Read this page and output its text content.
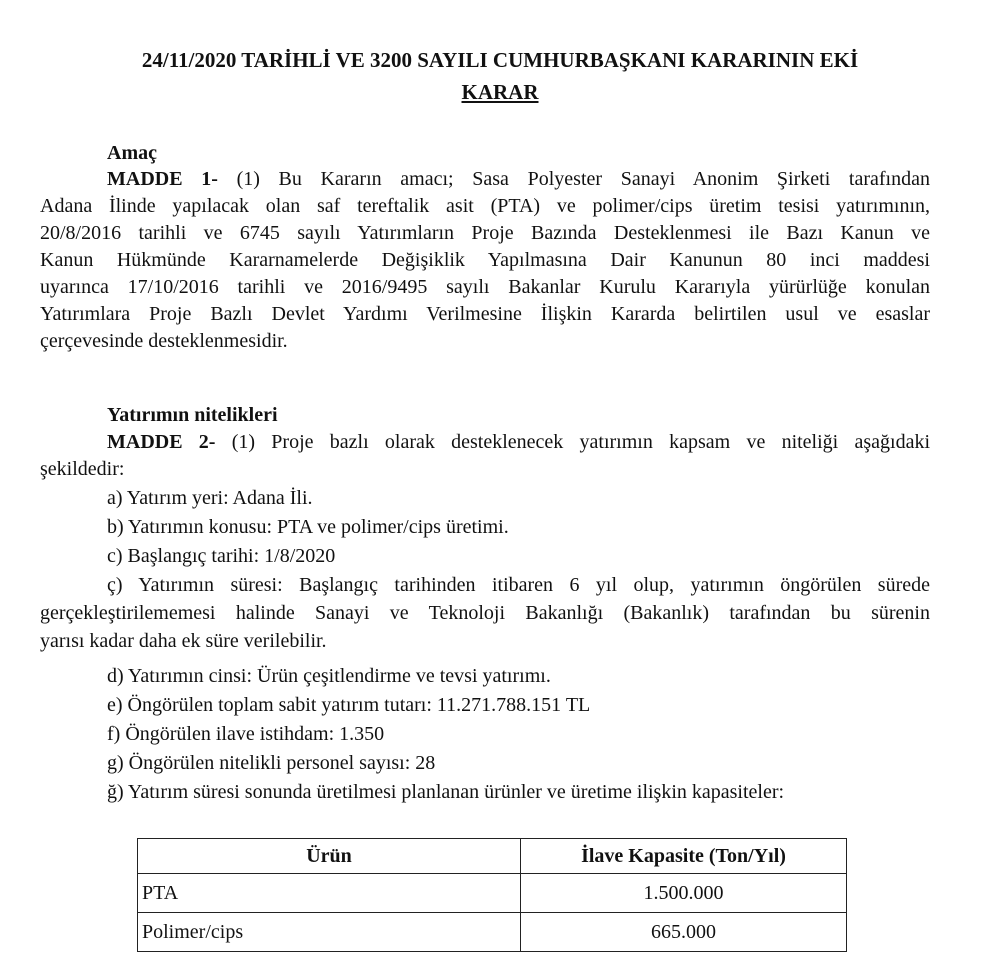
24/11/2020 TARİHLİ VE 3200 SAYILI CUMHURBAŞKANI KARARININ EKİ

KARAR

Amaç

MADDE 1- (1) Bu Kararın amacı; Sasa Polyester Sanayi Anonim Şirketi tarafından

Adana İlinde yapılacak olan saf tereftalik asit (PTA) ve polimer/cips üretim tesisi yatırımının,

20/8/2016 tarihli ve 6745 sayılı Yatırımların Proje Bazında Desteklenmesi ile Bazı Kanun ve

Kanun Hükmünde Kararnamelerde Değişiklik Yapılmasına Dair Kanunun 80 inci maddesi

uyarınca 17/10/2016 tarihli ve 2016/9495 sayılı Bakanlar Kurulu Kararıyla yürürlüğe konulan

Yatırımlara Proje Bazlı Devlet Yardımı Verilmesine İlişkin Kararda belirtilen usul ve esaslar

çerçevesinde desteklenmesidir.

Yatırımın nitelikleri

MADDE 2- (1) Proje bazlı olarak desteklenecek yatırımın kapsam ve niteliği aşağıdaki

şekildedir:

a) Yatırım yeri: Adana İli.

b) Yatırımın konusu: PTA ve polimer/cips üretimi.

c) Başlangıç tarihi: 1/8/2020

ç) Yatırımın süresi: Başlangıç tarihinden itibaren 6 yıl olup, yatırımın öngörülen sürede

gerçekleştirilememesi halinde Sanayi ve Teknoloji Bakanlığı (Bakanlık) tarafından bu sürenin

yarısı kadar daha ek süre verilebilir.

d) Yatırımın cinsi: Ürün çeşitlendirme ve tevsi yatırımı.

e) Öngörülen toplam sabit yatırım tutarı: 11.271.788.151 TL

f) Öngörülen ilave istihdam: 1.350

g) Öngörülen nitelikli personel sayısı: 28

ğ) Yatırım süresi sonunda üretilmesi planlanan ürünler ve üretime ilişkin kapasiteler:

Ürün	İlave Kapasite (Ton/Yıl)
PTA	1.500.000
Polimer/cips	665.000
